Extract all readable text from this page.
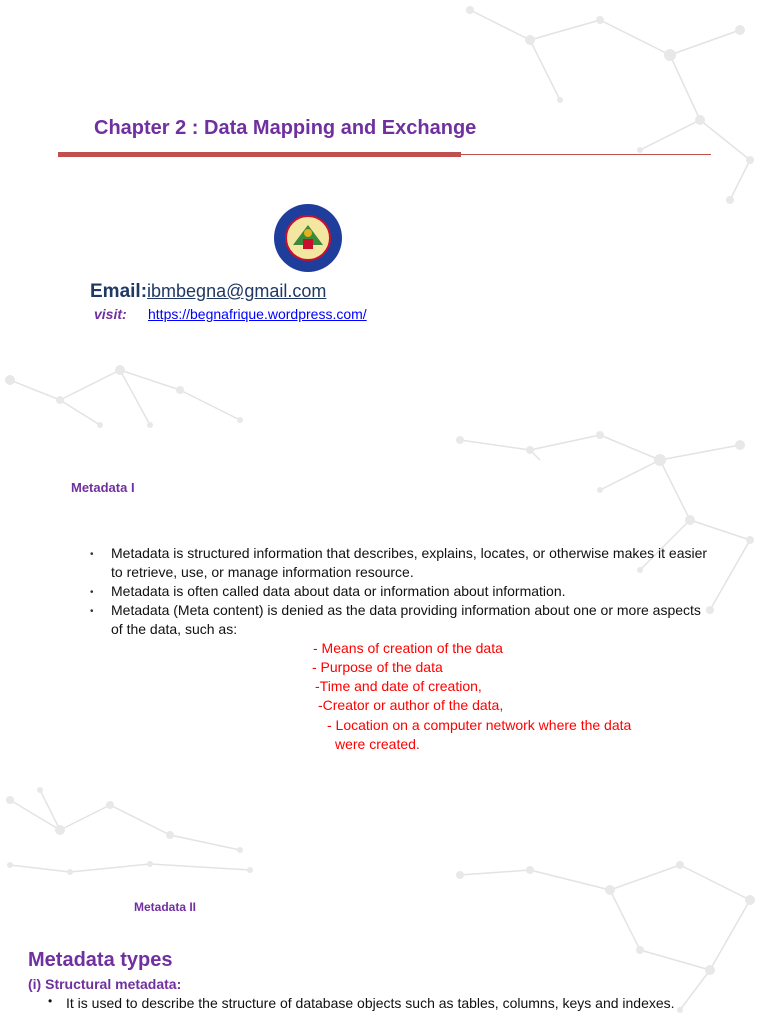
Chapter 2 : Data Mapping and Exchange
Email:ibmbegna@gmail.com
visit: https://begnafrique.wordpress.com/
Metadata I
• Metadata is structured information that describes, explains, locates, or otherwise makes it easier to retrieve, use, or manage information resource.
• Metadata is often called data about data or information about information.
• Metadata (Meta content) is denied as the data providing information about one or more aspects of the data, such as:
- Means of creation of the data
- Purpose of the data
-Time and date of creation,
-Creator or author of the data,
- Location on a computer network where the data
were created.
Metadata II
Metadata types
(i) Structural metadata:
• It is used to describe the structure of database objects such as tables, columns, keys and indexes.
